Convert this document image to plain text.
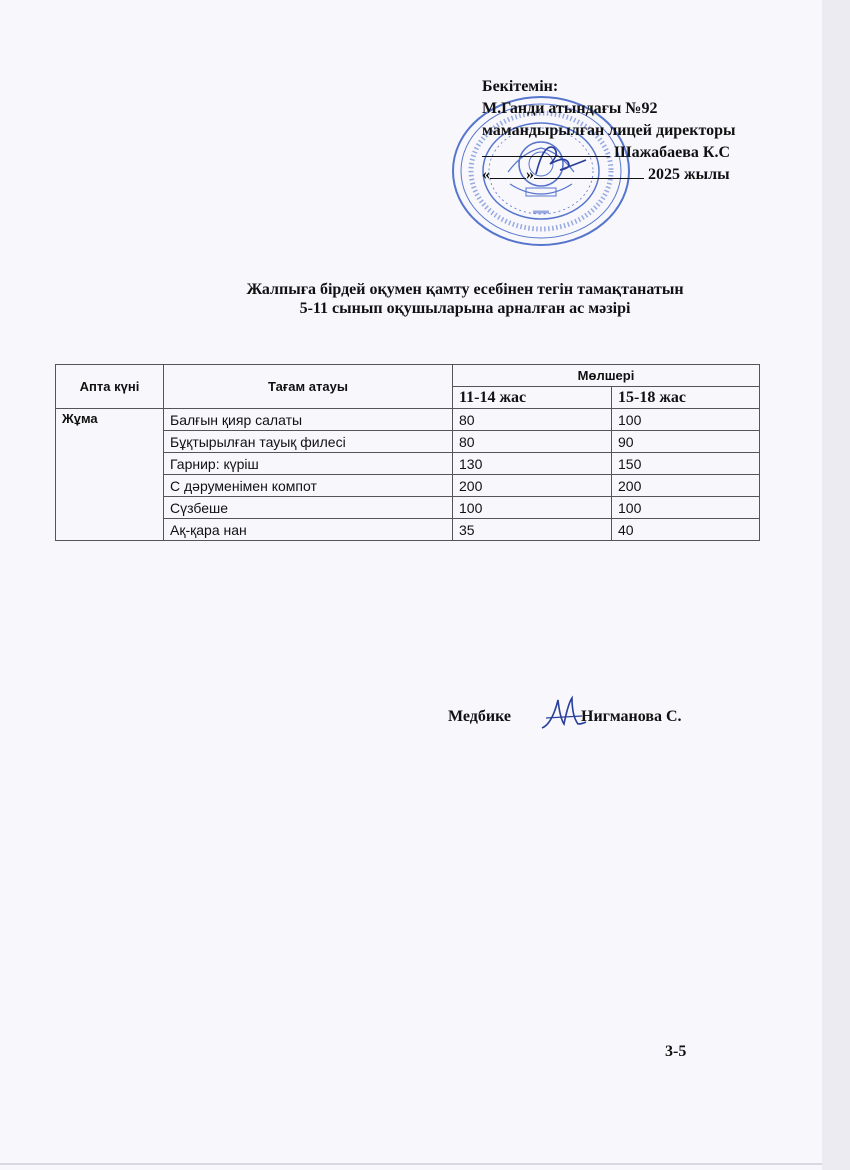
Бекітемін:
М.Ганди атындағы №92
мамандырылған лицей директоры
Шажабаева К.С
« »	2025 жылы
Жалпыға бірдей оқумен қамту есебінен тегін тамақтанатын
5-11 сынып оқушыларына арналған ас мәзірі
Апта күні	Тағам атауы	Мөлшері	
		11-14 жас	15-18 жас
Жұма	Балғын қияр салаты	80	100
	Бұқтырылған тауық филесі	80	90
	Гарнир: күріш	130	150
	С дәруменімен компот	200	200
	Сүзбеше	100	100
	Ақ-қара нан	35	40
Медбике	Нигманова С.
3-5
